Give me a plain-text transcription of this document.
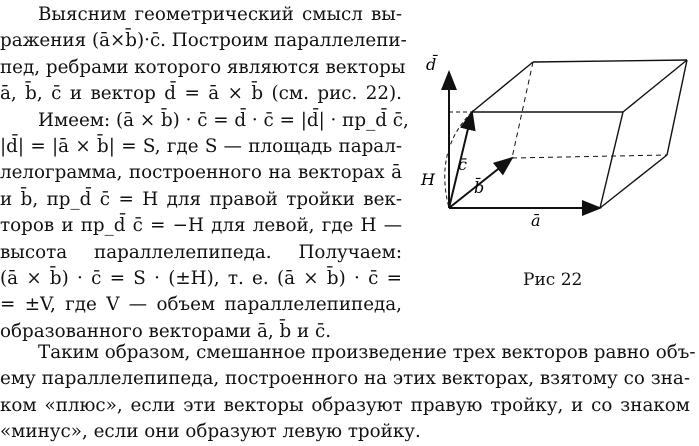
Выясним геометрический смысл вы-
ражения (ā×b̄)·c̄. Построим параллелепи-
пед, ребрами которого являются векторы
ā, b̄, c̄ и вектор d̄ = ā × b̄ (см. рис. 22).
Имеем: (ā × b̄) · c̄ = d̄ · c̄ = |d̄| · пр_d̄ c̄,
|d̄| = |ā × b̄| = S, где S — площадь парал-
лелограмма, построенного на векторах ā
и b̄, пр_d̄ c̄ = H для правой тройки век-
торов и пр_d̄ c̄ = −H для левой, где H —
высота параллелепипеда. Получаем:
(ā × b̄) · c̄ = S · (±H), т. е. (ā × b̄) · c̄ =
= ±V, где V — объем параллелепипеда,
образованного векторами ā, b̄ и c̄.
d̄
c̄
b̄
ā
H
Рис 22
Таким образом, смешанное произведение трех векторов равно объ-
ему параллелепипеда, построенного на этих векторах, взятому со зна-
ком «плюс», если эти векторы образуют правую тройку, и со знаком
«минус», если они образуют левую тройку.
